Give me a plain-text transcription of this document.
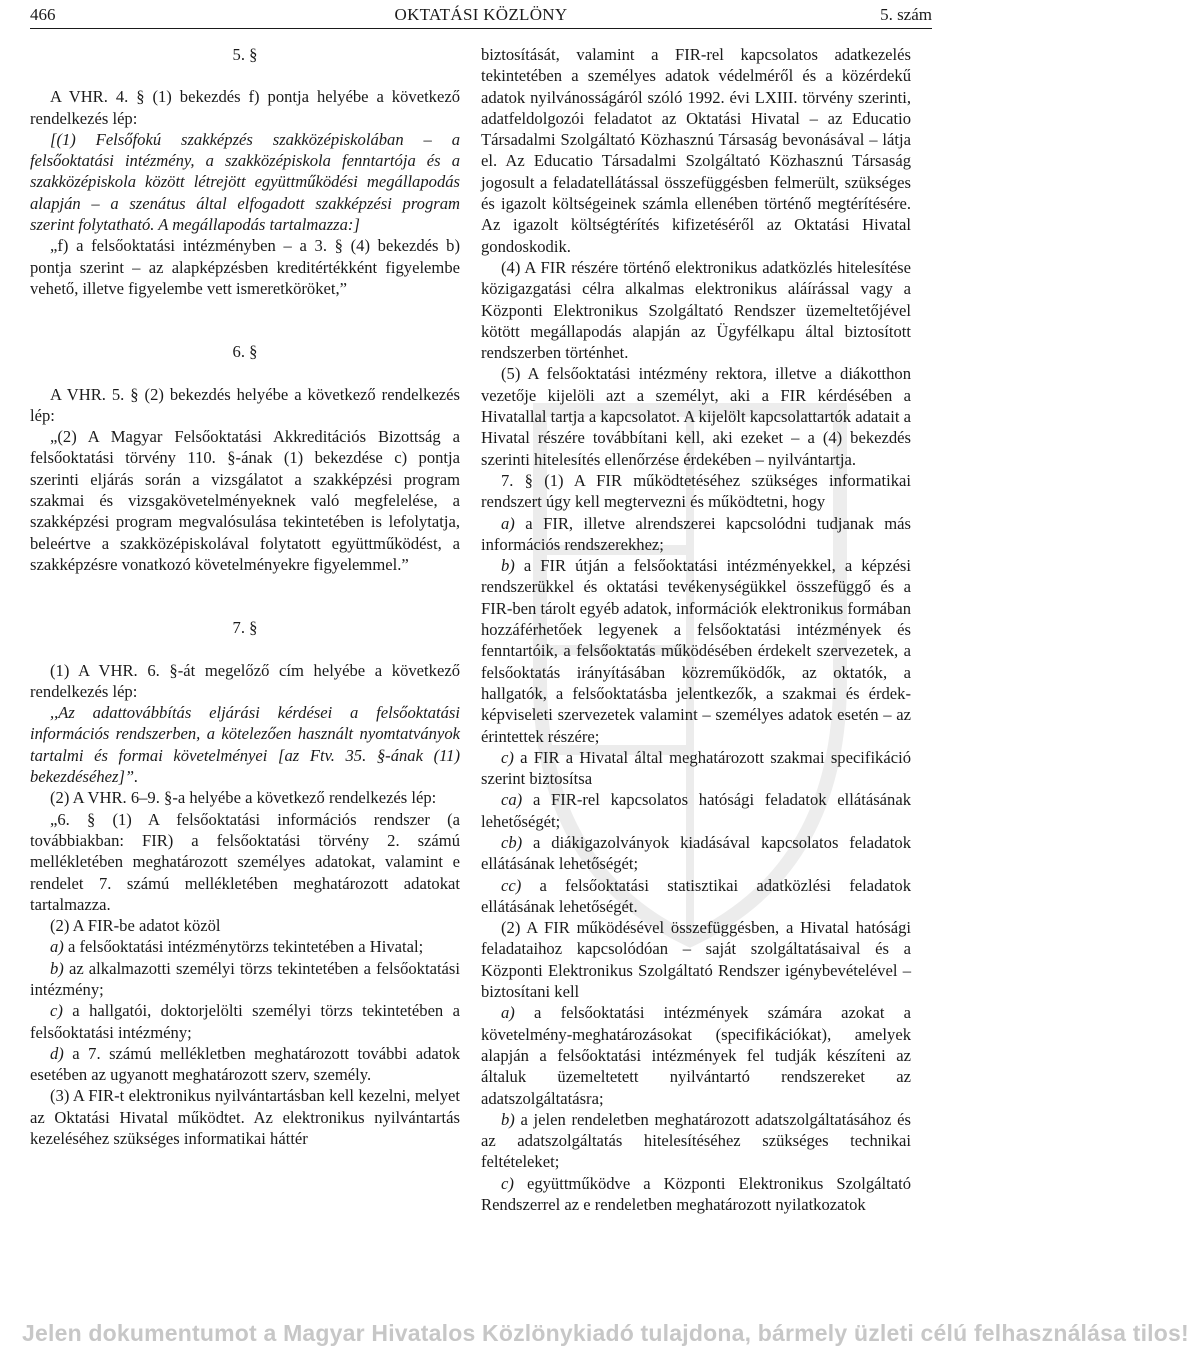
466	OKTATÁSI KÖZLÖNY	5. szám

5. §

A VHR. 4. § (1) bekezdés f) pontja helyébe a következő rendelkezés lép:

[(1) Felsőfokú szakképzés szakközépiskolában – a felsőoktatási intézmény, a szakközépiskola fenntartója és a szakközépiskola között létrejött együttműködési megállapodás alapján – a szenátus által elfogadott szakképzési program szerint folytatható. A megállapodás tartalmazza:]

„f) a felsőoktatási intézményben – a 3. § (4) bekezdés b) pontja szerint – az alapképzésben kreditértékként figyelembe vehető, illetve figyelembe vett ismeretköröket,”

6. §

A VHR. 5. § (2) bekezdés helyébe a következő rendelkezés lép:

„(2) A Magyar Felsőoktatási Akkreditációs Bizottság a felsőoktatási törvény 110. §-ának (1) bekezdése c) pontja szerinti eljárás során a vizsgálatot a szakképzési program szakmai és vizsgakövetelményeknek való megfelelése, a szakképzési program megvalósulása tekintetében is lefolytatja, beleértve a szakközépiskolával folytatott együttműködést, a szakképzésre vonatkozó követelményekre figyelemmel.”

7. §

(1) A VHR. 6. §-át megelőző cím helyébe a következő rendelkezés lép:

,,Az adattovábbítás eljárási kérdései a felsőoktatási információs rendszerben, a kötelezően használt nyomtatványok tartalmi és formai követelményei [az Ftv. 35. §-ának (11) bekezdéséhez]”.

(2) A VHR. 6–9. §-a helyébe a következő rendelkezés lép:

„6. § (1) A felsőoktatási információs rendszer (a továbbiakban: FIR) a felsőoktatási törvény 2. számú mellékletében meghatározott személyes adatokat, valamint e rendelet 7. számú mellékletében meghatározott adatokat tartalmazza.

(2) A FIR-be adatot közöl

a) a felsőoktatási intézménytörzs tekintetében a Hivatal;

b) az alkalmazotti személyi törzs tekintetében a felsőoktatási intézmény;

c) a hallgatói, doktorjelölti személyi törzs tekintetében a felsőoktatási intézmény;

d) a 7. számú mellékletben meghatározott további adatok esetében az ugyanott meghatározott szerv, személy.

(3) A FIR-t elektronikus nyilvántartásban kell kezelni, melyet az Oktatási Hivatal működtet. Az elektronikus nyilvántartás kezeléséhez szükséges informatikai háttér

biztosítását, valamint a FIR-rel kapcsolatos adatkezelés tekintetében a személyes adatok védelméről és a közérdekű adatok nyilvánosságáról szóló 1992. évi LXIII. törvény szerinti, adatfeldolgozói feladatot az Oktatási Hivatal – az Educatio Társadalmi Szolgáltató Közhasznú Társaság bevonásával – látja el. Az Educatio Társadalmi Szolgáltató Közhasznú Társaság jogosult a feladatellátással összefüggésben felmerült, szükséges és igazolt költségeinek számla ellenében történő megtérítésére. Az igazolt költségtérítés kifizetéséről az Oktatási Hivatal gondoskodik.

(4) A FIR részére történő elektronikus adatközlés hitelesítése közigazgatási célra alkalmas elektronikus aláírással vagy a Központi Elektronikus Szolgáltató Rendszer üzemeltetőjével kötött megállapodás alapján az Ügyfélkapu által biztosított rendszerben történhet.

(5) A felsőoktatási intézmény rektora, illetve a diákotthon vezetője kijelöli azt a személyt, aki a FIR kérdésében a Hivatallal tartja a kapcsolatot. A kijelölt kapcsolattartók adatait a Hivatal részére továbbítani kell, aki ezeket – a (4) bekezdés szerinti hitelesítés ellenőrzése érdekében – nyilvántartja.

7. § (1) A FIR működtetéséhez szükséges informatikai rendszert úgy kell megtervezni és működtetni, hogy

a) a FIR, illetve alrendszerei kapcsolódni tudjanak más információs rendszerekhez;

b) a FIR útján a felsőoktatási intézményekkel, a képzési rendszerükkel és oktatási tevékenységükkel összefüggő és a FIR-ben tárolt egyéb adatok, információk elektronikus formában hozzáférhetőek legyenek a felsőoktatási intézmények és fenntartóik, a felsőoktatás működésében érdekelt szervezetek, a felsőoktatás irányításában közreműködők, az oktatók, a hallgatók, a felsőoktatásba jelentkezők, a szakmai és érdek-képviseleti szervezetek valamint – személyes adatok esetén – az érintettek részére;

c) a FIR a Hivatal által meghatározott szakmai specifikáció szerint biztosítsa

ca) a FIR-rel kapcsolatos hatósági feladatok ellátásának lehetőségét;

cb) a diákigazolványok kiadásával kapcsolatos feladatok ellátásának lehetőségét;

cc) a felsőoktatási statisztikai adatközlési feladatok ellátásának lehetőségét.

(2) A FIR működésével összefüggésben, a Hivatal hatósági feladataihoz kapcsolódóan – saját szolgáltatásaival és a Központi Elektronikus Szolgáltató Rendszer igénybevételével – biztosítani kell

a) a felsőoktatási intézmények számára azokat a követelmény-meghatározásokat (specifikációkat), amelyek alapján a felsőoktatási intézmények fel tudják készíteni az általuk üzemeltetett nyilvántartó rendszereket az adatszolgáltatásra;

b) a jelen rendeletben meghatározott adatszolgáltatásához és az adatszolgáltatás hitelesítéséhez szükséges technikai feltételeket;

c) együttműködve a Központi Elektronikus Szolgáltató Rendszerrel az e rendeletben meghatározott nyilatkozatok

Jelen dokumentumot a Magyar Hivatalos Közlönykiadó tulajdona, bármely üzleti célú felhasználása tilos!
